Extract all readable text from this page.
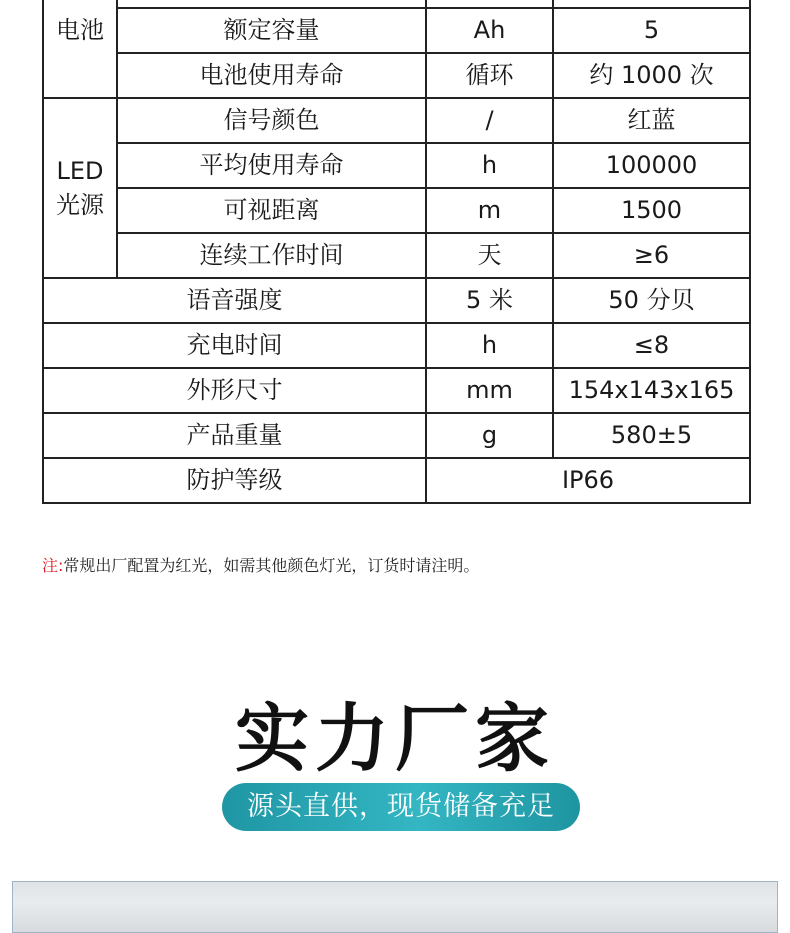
电池			
	额定容量	Ah	5
	电池使用寿命	循环	约 1000 次

LED
光源	信号颜色	/	红蓝
	平均使用寿命	h	100000
	可视距离	m	1500
	连续工作时间	天	≥6
语音强度		5 米	50 分贝
充电时间		h	≤8
外形尺寸		mm	154x143x165
产品重量		g	580±5
防护等级		IP66	
注:常规出厂配置为红光，如需其他颜色灯光，订货时请注明。
实力厂家
源头直供，现货储备充足
